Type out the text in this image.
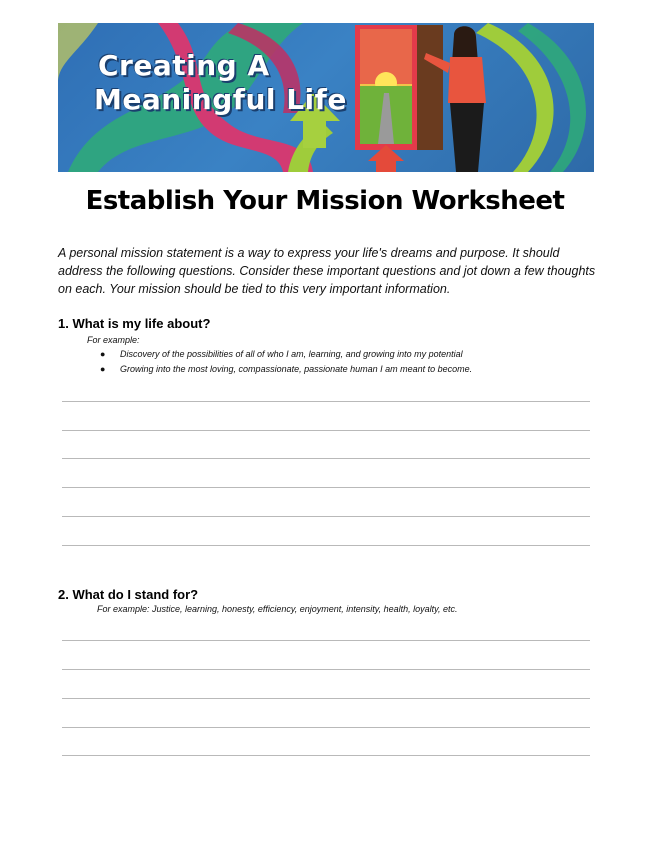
Creating A
Meaningful Life
Establish Your Mission Worksheet

A personal mission statement is a way to express your life's dreams and purpose. It should address the following questions. Consider these important questions and jot down a few thoughts on each. Your mission should be tied to this very important information.

1. What is my life about?

For example:

● Discovery of the possibilities of all of who I am, learning, and growing into my potential
● Growing into the most loving, compassionate, passionate human I am meant to become.

2. What do I stand for?

For example: Justice, learning, honesty, efficiency, enjoyment, intensity, health, loyalty, etc.
